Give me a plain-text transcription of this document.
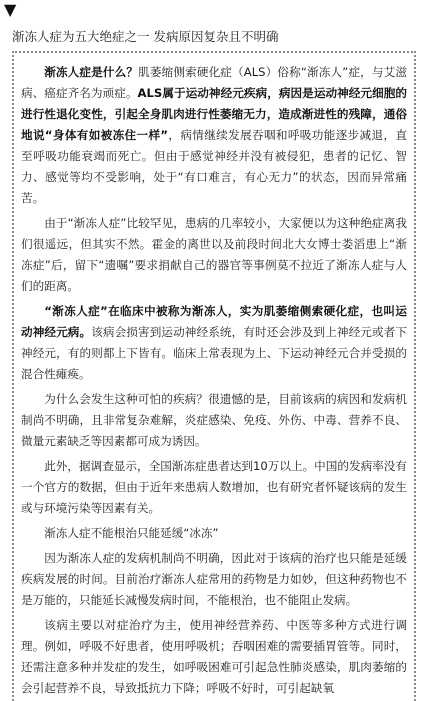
▼
渐冻人症为五大绝症之一 发病原因复杂且不明确

渐冻人症是什么？肌萎缩侧索硬化症（ALS）俗称“渐冻人”症，与艾滋病、癌症齐名为顽症。ALS属于运动神经元疾病，病因是运动神经元细胞的进行性退化变性，引起全身肌肉进行性萎缩无力，造成渐进性的残障，通俗地说“身体有如被冻住一样”，病情继续发展吞咽和呼吸功能逐步减退，直至呼吸功能衰竭而死亡。但由于感觉神经并没有被侵犯，患者的记忆、智力、感觉等均不受影响，处于“有口难言，有心无力”的状态，因而异常痛苦。

由于“渐冻人症”比较罕见，患病的几率较小，大家便以为这种绝症离我们很遥远，但其实不然。霍金的离世以及前段时间北大女博士娄滔患上“渐冻症”后，留下“遗嘱”要求捐献自己的器官等事例莫不拉近了渐冻人症与人们的距离。

“渐冻人症”在临床中被称为渐冻人，实为肌萎缩侧索硬化症，也叫运动神经元病。该病会损害到运动神经系统，有时还会涉及到上神经元或者下神经元，有的则都上下皆有。临床上常表现为上、下运动神经元合并受损的混合性瘫痪。

为什么会发生这种可怕的疾病？很遗憾的是，目前该病的病因和发病机制尚不明确，且非常复杂难解，炎症感染、免疫、外伤、中毒、营养不良、微量元素缺乏等因素都可成为诱因。

此外，据调查显示，全国渐冻症患者达到10万以上。中国的发病率没有一个官方的数据，但由于近年来患病人数增加，也有研究者怀疑该病的发生或与环境污染等因素有关。

渐冻人症不能根治只能延缓“冰冻”

因为渐冻人症的发病机制尚不明确，因此对于该病的治疗也只能是延缓疾病发展的时间。目前治疗渐冻人症常用的药物是力如妙，但这种药物也不是万能的，只能延长减慢发病时间，不能根治，也不能阻止发病。

该病主要以对症治疗为主，使用神经营养药、中医等多种方式进行调理。例如，呼吸不好患者，使用呼吸机；吞咽困难的需要插胃管等。同时，还需注意多种并发症的发生，如呼吸困难可引起急性肺炎感染，肌肉萎缩的会引起营养不良，导致抵抗力下降；呼吸不好时，可引起缺氧
